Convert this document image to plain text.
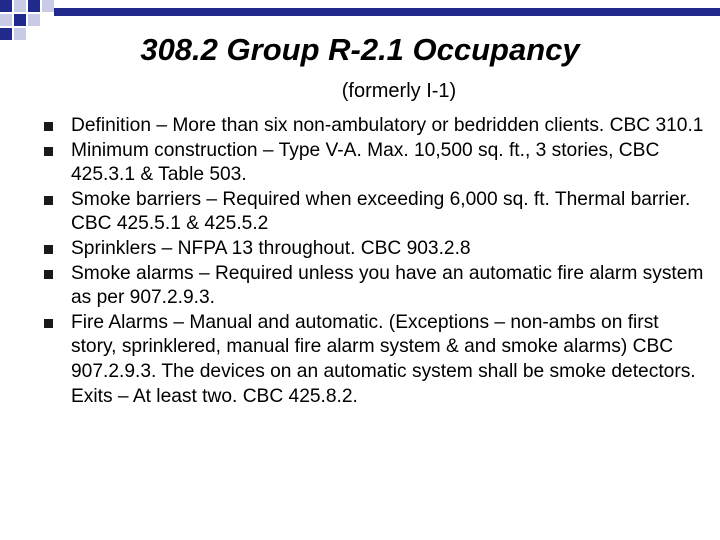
308.2 Group R-2.1 Occupancy
(formerly I-1)
Definition – More than six non-ambulatory or bedridden clients. CBC 310.1
Minimum construction – Type V-A. Max. 10,500 sq. ft., 3 stories, CBC 425.3.1 & Table 503.
Smoke barriers – Required when exceeding 6,000 sq. ft. Thermal barrier. CBC 425.5.1 & 425.5.2
Sprinklers – NFPA 13 throughout. CBC 903.2.8
Smoke alarms – Required unless you have an automatic fire alarm system as per 907.2.9.3.
Fire Alarms – Manual and automatic. (Exceptions – non-ambs on first story, sprinklered, manual fire alarm system & and smoke alarms) CBC 907.2.9.3. The devices on an automatic system shall be smoke detectors. Exits – At least two. CBC 425.8.2.
